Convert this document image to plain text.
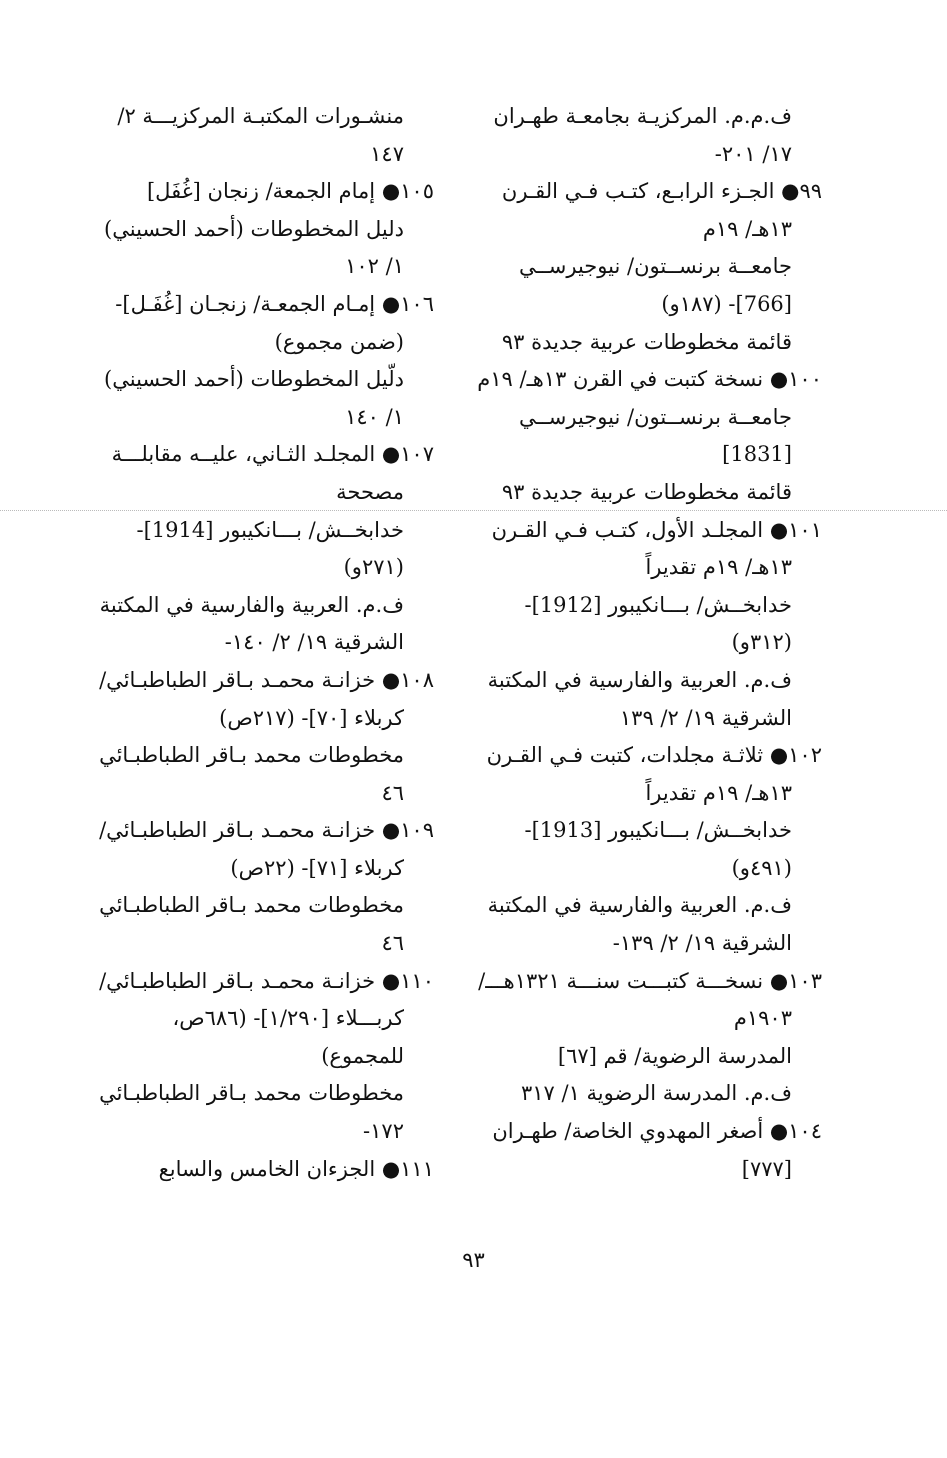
ف.م.م. المركزيـة بجامعـة طهـران
١٧/ ٢٠١-
٩٩● الجـزء الرابـع، كتـب فـي القـرن
١٣هـ/ ١٩م
جامعــة برنســتون/ نيوجيرســي
[766]- (١٨٧و)
قائمة مخطوطات عربية جديدة ٩٣
١٠٠● نسخة كتبت في القرن ١٣هـ/ ١٩م
جامعــة برنســتون/ نيوجيرســي
[1831]
قائمة مخطوطات عربية جديدة ٩٣
١٠١● المجلـد الأول، كتـب فـي القـرن
١٣هـ/ ١٩م تقديراً
خدابخــش/ بـــانكيبور [1912]-
(٣١٢و)
ف.م. العربية والفارسية في المكتبة
الشرقية ١٩/ ٢/ ١٣٩
١٠٢● ثلاثـة مجلدات، كتبت فـي القـرن
١٣هـ/ ١٩م تقديراً
خدابخــش/ بـــانكيبور [1913]-
(٤٩١و)
ف.م. العربية والفارسية في المكتبة
الشرقية ١٩/ ٢/ ١٣٩-
١٠٣● نسخـــة كتبـــت سنـــة ١٣٢١هـــ/
١٩٠٣م
المدرسة الرضوية/ قم [٦٧]
ف.م. المدرسة الرضوية ١/ ٣١٧
١٠٤● أصغر المهدوي الخاصة/ طهـران
[٧٧٧]
منشـورات المكتبـة المركزيـــة ٢/
١٤٧
١٠٥● إمام الجمعة/ زنجان [غُفَل]
دليل المخطوطات (أحمد الحسيني)
١/ ١٠٢
١٠٦● إمـام الجمعـة/ زنجـان [غُفَـل]-
(ضمن مجموع)
دلّيل المخطوطات (أحمد الحسيني)
١/ ١٤٠
١٠٧● المجلـد الثـاني، عليــه مقابلـــة
مصححة
خدابخــش/ بـــانكيبور [1914]-
(٢٧١و)
ف.م. العربية والفارسية في المكتبة
الشرقية ١٩/ ٢/ ١٤٠-
١٠٨● خزانـة محمـد بـاقر الطباطبـائي/
كربلاء [٧٠]- (٢١٧ص)
مخطوطات محمد بـاقر الطباطبـائي
٤٦
١٠٩● خزانـة محمـد بـاقر الطباطبـائي/
كربلاء [٧١]- (٢٢ص)
مخطوطات محمد بـاقر الطباطبـائي
٤٦
١١٠● خزانـة محمـد بـاقر الطباطبـائي/
كربـــلاء [١/٢٩٠]- (٦٨٦ص،
للمجموع)
مخطوطات محمد بـاقر الطباطبـائي
١٧٢-
١١١● الجزءان الخامس والسابع
٩٣
